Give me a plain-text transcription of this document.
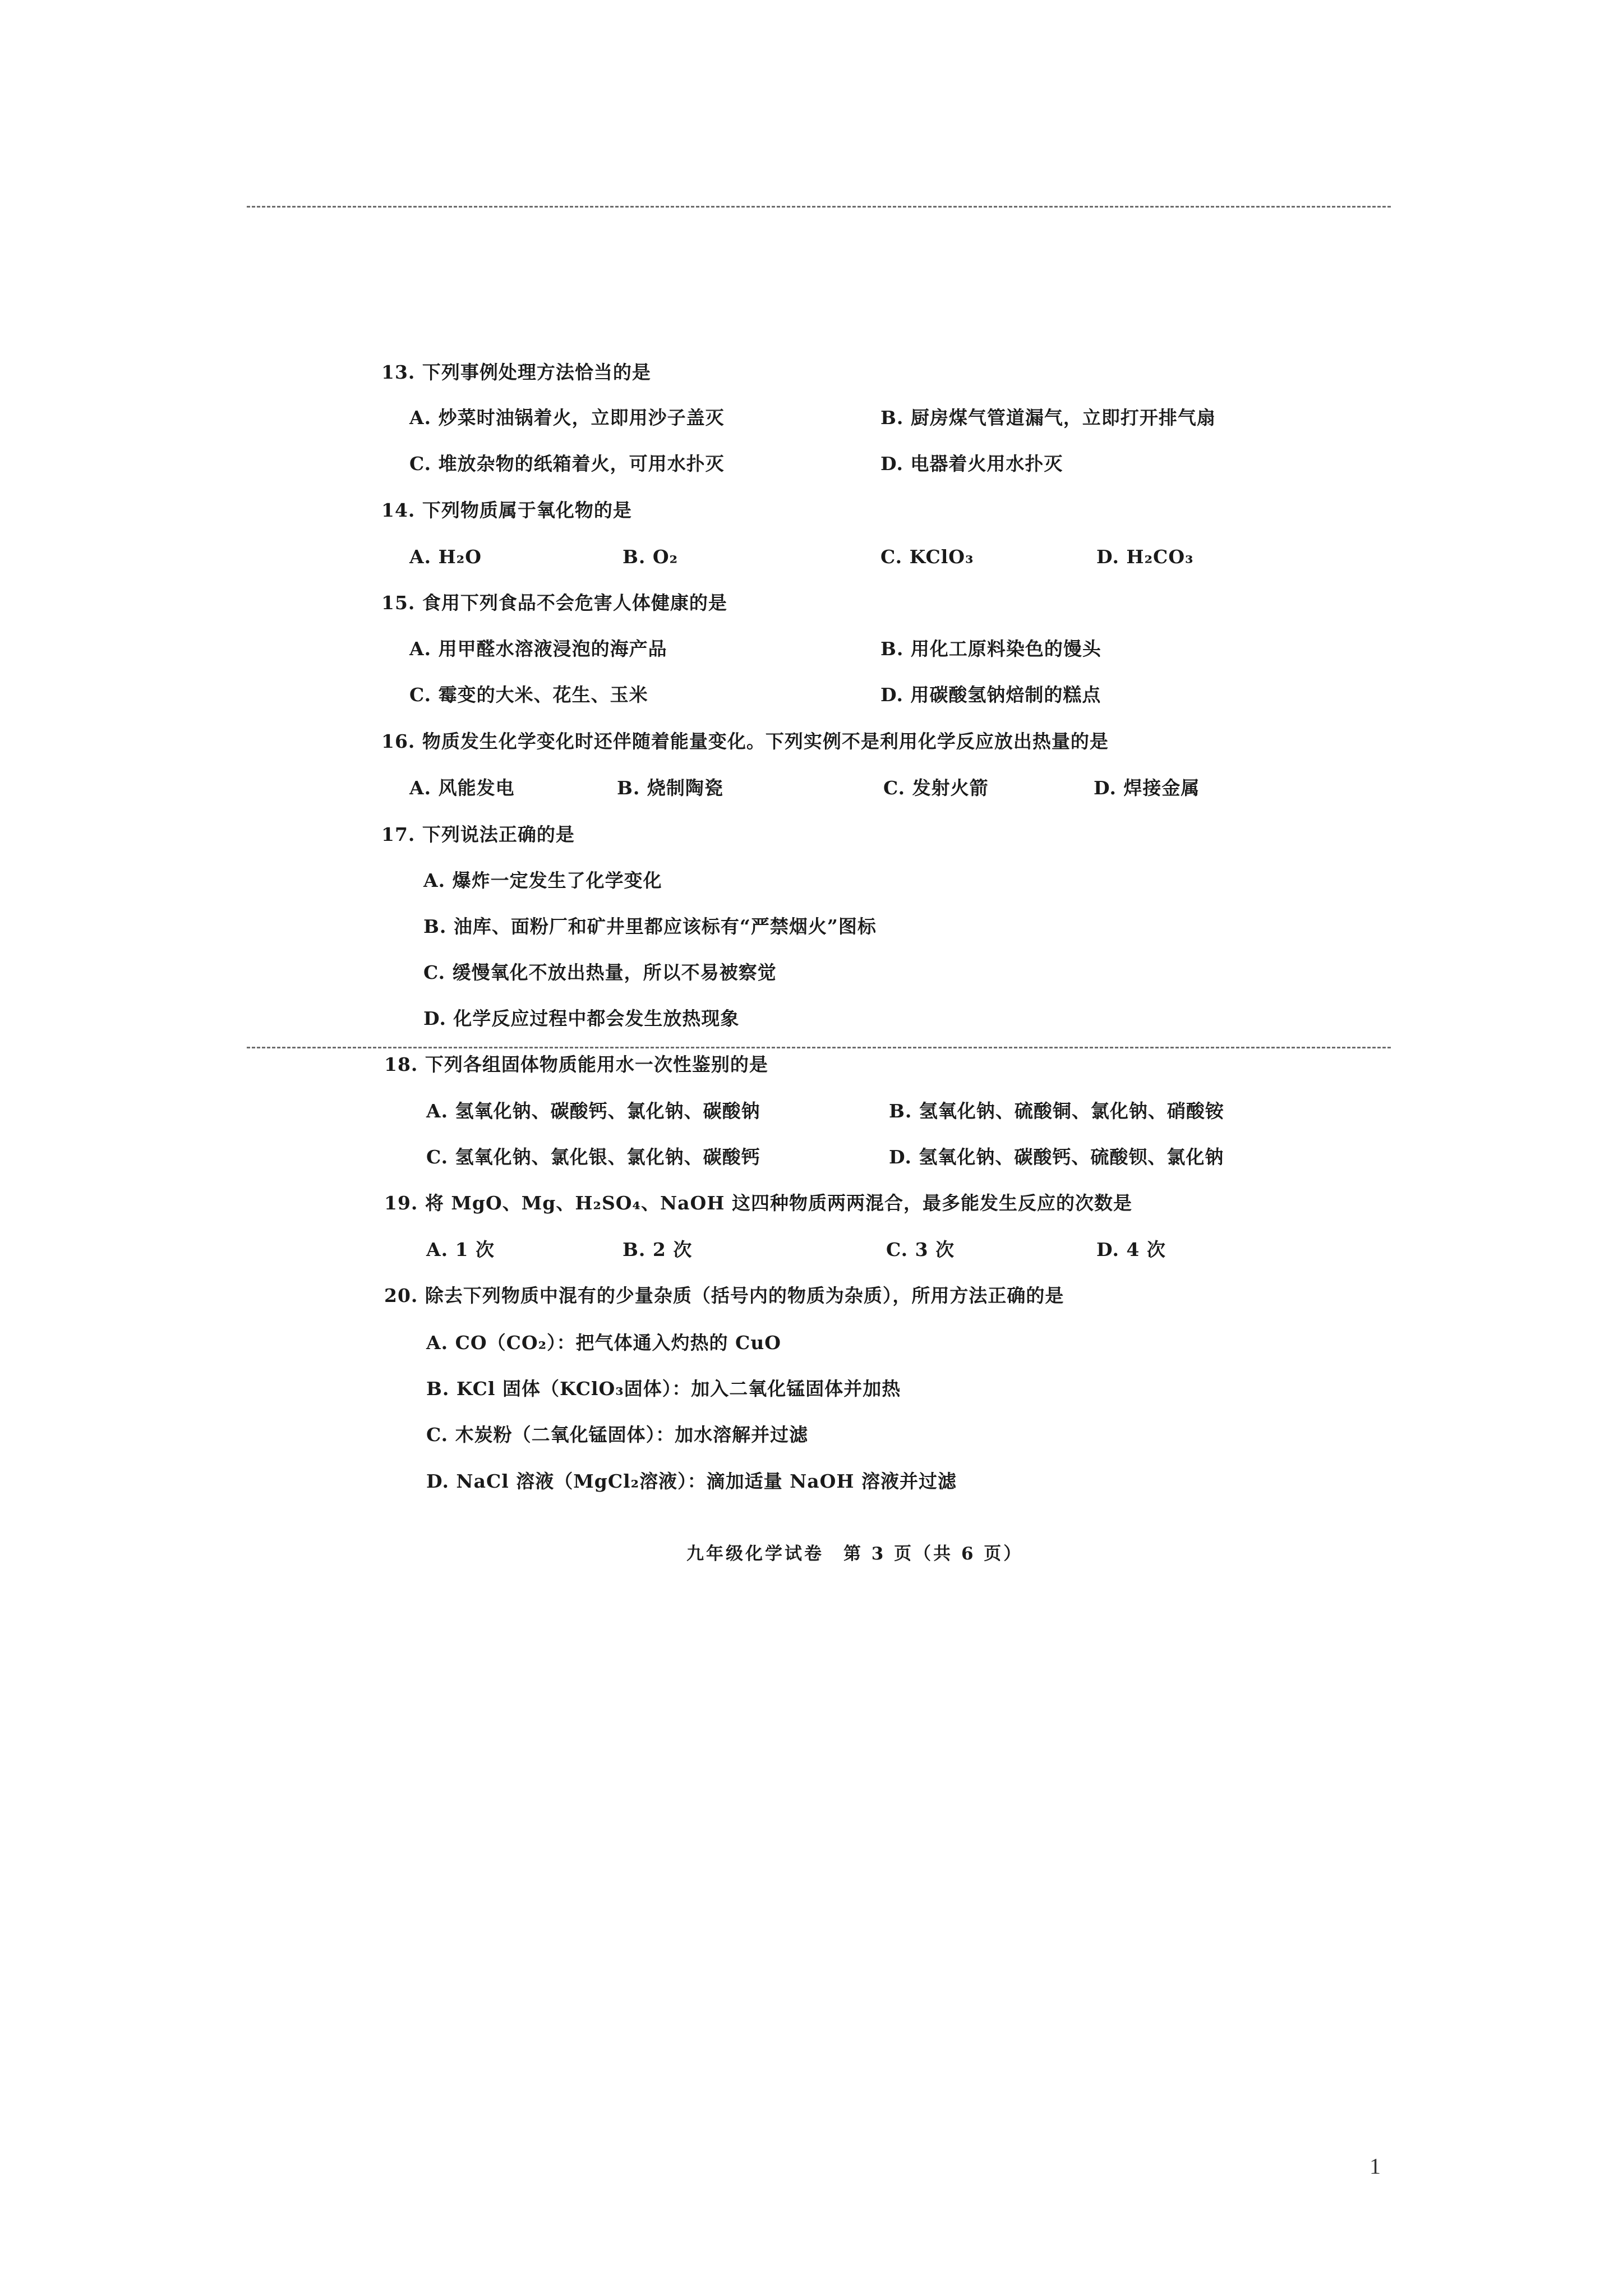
13. 下列事例处理方法恰当的是
A. 炒菜时油锅着火，立即用沙子盖灭	B. 厨房煤气管道漏气，立即打开排气扇
C. 堆放杂物的纸箱着火，可用水扑灭	D. 电器着火用水扑灭
14. 下列物质属于氧化物的是
A. H₂O	B. O₂	C. KClO₃	D. H₂CO₃
15. 食用下列食品不会危害人体健康的是
A. 用甲醛水溶液浸泡的海产品	B. 用化工原料染色的馒头
C. 霉变的大米、花生、玉米	D. 用碳酸氢钠焙制的糕点
16. 物质发生化学变化时还伴随着能量变化。下列实例不是利用化学反应放出热量的是
A. 风能发电	B. 烧制陶瓷	C. 发射火箭	D. 焊接金属
17. 下列说法正确的是
A. 爆炸一定发生了化学变化
B. 油库、面粉厂和矿井里都应该标有“严禁烟火”图标
C. 缓慢氧化不放出热量，所以不易被察觉
D. 化学反应过程中都会发生放热现象
18. 下列各组固体物质能用水一次性鉴别的是
A. 氢氧化钠、碳酸钙、氯化钠、碳酸钠	B. 氢氧化钠、硫酸铜、氯化钠、硝酸铵
C. 氢氧化钠、氯化银、氯化钠、碳酸钙	D. 氢氧化钠、碳酸钙、硫酸钡、氯化钠
19. 将 MgO、Mg、H₂SO₄、NaOH 这四种物质两两混合，最多能发生反应的次数是
A. 1 次	B. 2 次	C. 3 次	D. 4 次
20. 除去下列物质中混有的少量杂质（括号内的物质为杂质），所用方法正确的是
A. CO（CO₂）：把气体通入灼热的 CuO
B. KCl 固体（KClO₃固体）：加入二氧化锰固体并加热
C. 木炭粉（二氧化锰固体）：加水溶解并过滤
D. NaCl 溶液（MgCl₂溶液）：滴加适量 NaOH 溶液并过滤
九年级化学试卷　第 3 页（共 6 页）
1
